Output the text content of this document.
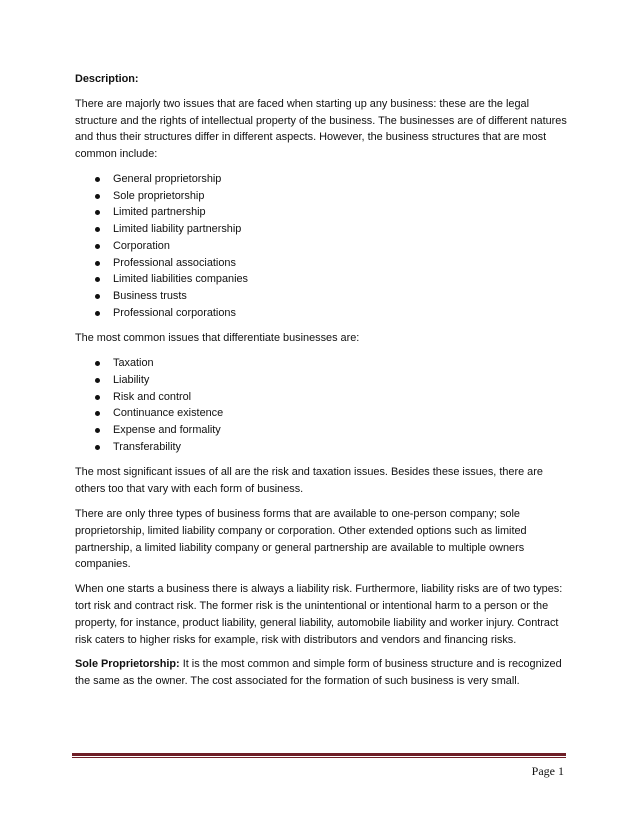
Description:

There are majorly two issues that are faced when starting up any business: these are the legal structure and the rights of intellectual property of the business. The businesses are of different natures and thus their structures differ in different aspects. However, the business structures that are most common include:

General proprietorship
Sole proprietorship
Limited partnership
Limited liability partnership
Corporation
Professional associations
Limited liabilities companies
Business trusts
Professional corporations

The most common issues that differentiate businesses are:

Taxation
Liability
Risk and control
Continuance existence
Expense and formality
Transferability

The most significant issues of all are the risk and taxation issues. Besides these issues, there are others too that vary with each form of business.

There are only three types of business forms that are available to one-person company; sole proprietorship, limited liability company or corporation. Other extended options such as limited partnership, a limited liability company or general partnership are available to multiple owners companies.

When one starts a business there is always a liability risk. Furthermore, liability risks are of two types: tort risk and contract risk. The former risk is the unintentional or intentional harm to a person or the property, for instance, product liability, general liability, automobile liability and worker injury. Contract risk caters to higher risks for example, risk with distributors and vendors and financing risks.

Sole Proprietorship: It is the most common and simple form of business structure and is recognized the same as the owner. The cost associated for the formation of such business is very small.

Page 1
